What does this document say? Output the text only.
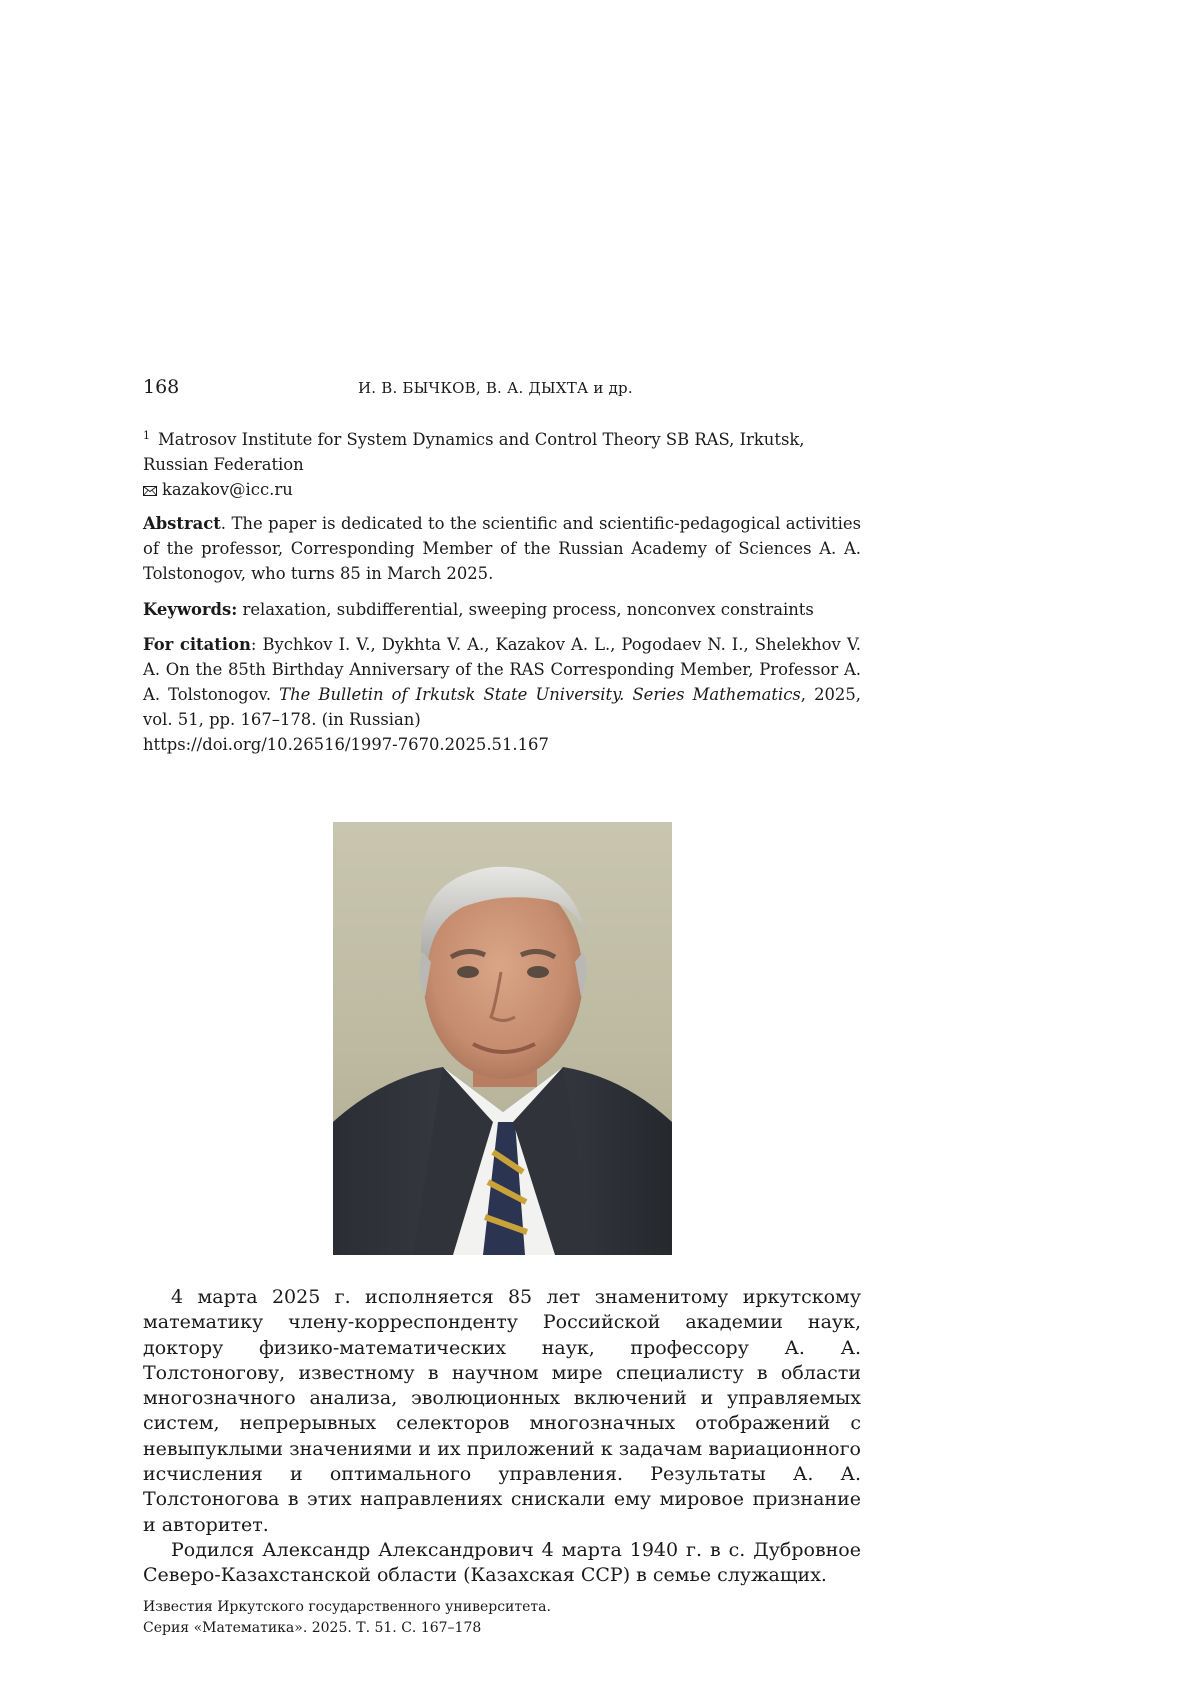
168	И. В. БЫЧКОВ, В. А. ДЫХТА и др.
$^1$ Matrosov Institute for System Dynamics and Control Theory SB RAS, Irkutsk, Russian Federation
kazakov@icc.ru
Abstract. The paper is dedicated to the scientific and scientific-pedagogical activities of the professor, Corresponding Member of the Russian Academy of Sciences A. A. Tolstonogov, who turns 85 in March 2025.
Keywords: relaxation, subdifferential, sweeping process, nonconvex constraints
For citation: Bychkov I. V., Dykhta V. A., Kazakov A. L., Pogodaev N. I., Shelekhov V. A. On the 85th Birthday Anniversary of the RAS Corresponding Member, Professor A. A. Tolstonogov. The Bulletin of Irkutsk State University. Series Mathematics, 2025, vol. 51, pp. 167–178. (in Russian)
https://doi.org/10.26516/1997-7670.2025.51.167

4 марта 2025 г. исполняется 85 лет знаменитому иркутскому математику члену-корреспонденту Российской академии наук, доктору физико-математических наук, профессору А. А. Толстоногову, известному в научном мире специалисту в области многозначного анализа, эволюционных включений и управляемых систем, непрерывных селекторов многозначных отображений с невыпуклыми значениями и их приложений к задачам вариационного исчисления и оптимального управления. Результаты А. А. Толстоногова в этих направлениях снискали ему мировое признание и авторитет.

Родился Александр Александрович 4 марта 1940 г. в с. Дубровное Северо-Казахстанской области (Казахская ССР) в семье служащих.

Известия Иркутского государственного университета.
Серия «Математика». 2025. Т. 51. С. 167–178
